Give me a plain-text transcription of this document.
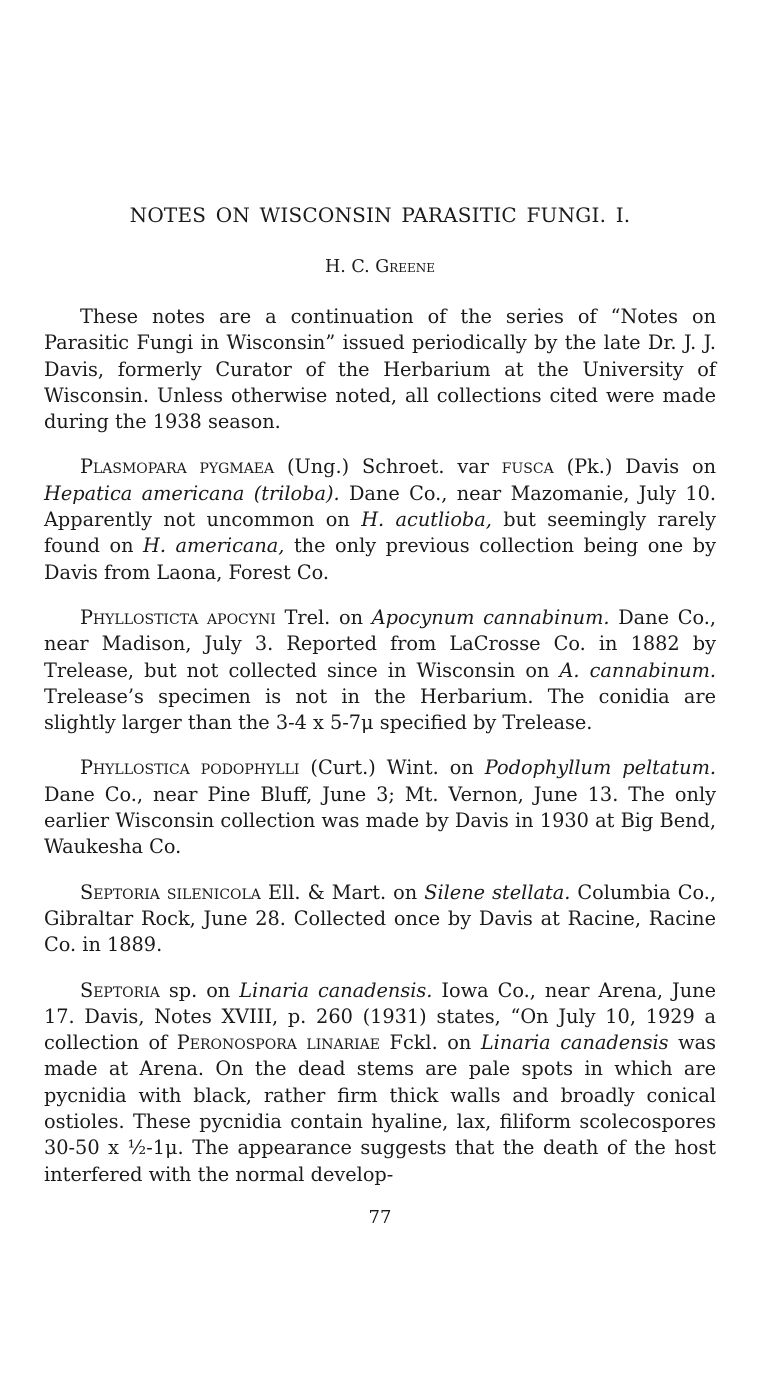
NOTES ON WISCONSIN PARASITIC FUNGI. I.
H. C. Greene

These notes are a continuation of the series of “Notes on Parasitic Fungi in Wisconsin” issued periodically by the late Dr. J. J. Davis, formerly Curator of the Herbarium at the University of Wisconsin. Unless otherwise noted, all collections cited were made during the 1938 season.

Plasmopara pygmaea (Ung.) Schroet. var fusca (Pk.) Davis on Hepatica americana (triloba). Dane Co., near Mazomanie, July 10. Apparently not uncommon on H. acutlioba, but seemingly rarely found on H. americana, the only previous collection being one by Davis from Laona, Forest Co.

Phyllosticta apocyni Trel. on Apocynum cannabinum. Dane Co., near Madison, July 3. Reported from LaCrosse Co. in 1882 by Trelease, but not collected since in Wisconsin on A. cannabinum. Trelease’s specimen is not in the Herbarium. The conidia are slightly larger than the 3-4 x 5-7μ specified by Trelease.

Phyllostica podophylli (Curt.) Wint. on Podophyllum peltatum. Dane Co., near Pine Bluff, June 3; Mt. Vernon, June 13. The only earlier Wisconsin collection was made by Davis in 1930 at Big Bend, Waukesha Co.

Septoria silenicola Ell. & Mart. on Silene stellata. Columbia Co., Gibraltar Rock, June 28. Collected once by Davis at Racine, Racine Co. in 1889.

Septoria sp. on Linaria canadensis. Iowa Co., near Arena, June 17. Davis, Notes XVIII, p. 260 (1931) states, “On July 10, 1929 a collection of Peronospora linariae Fckl. on Linaria canadensis was made at Arena. On the dead stems are pale spots in which are pycnidia with black, rather firm thick walls and broadly conical ostioles. These pycnidia contain hyaline, lax, filiform scolecospores 30-50 x ½-1μ. The appearance suggests that the death of the host interfered with the normal develop-

77
